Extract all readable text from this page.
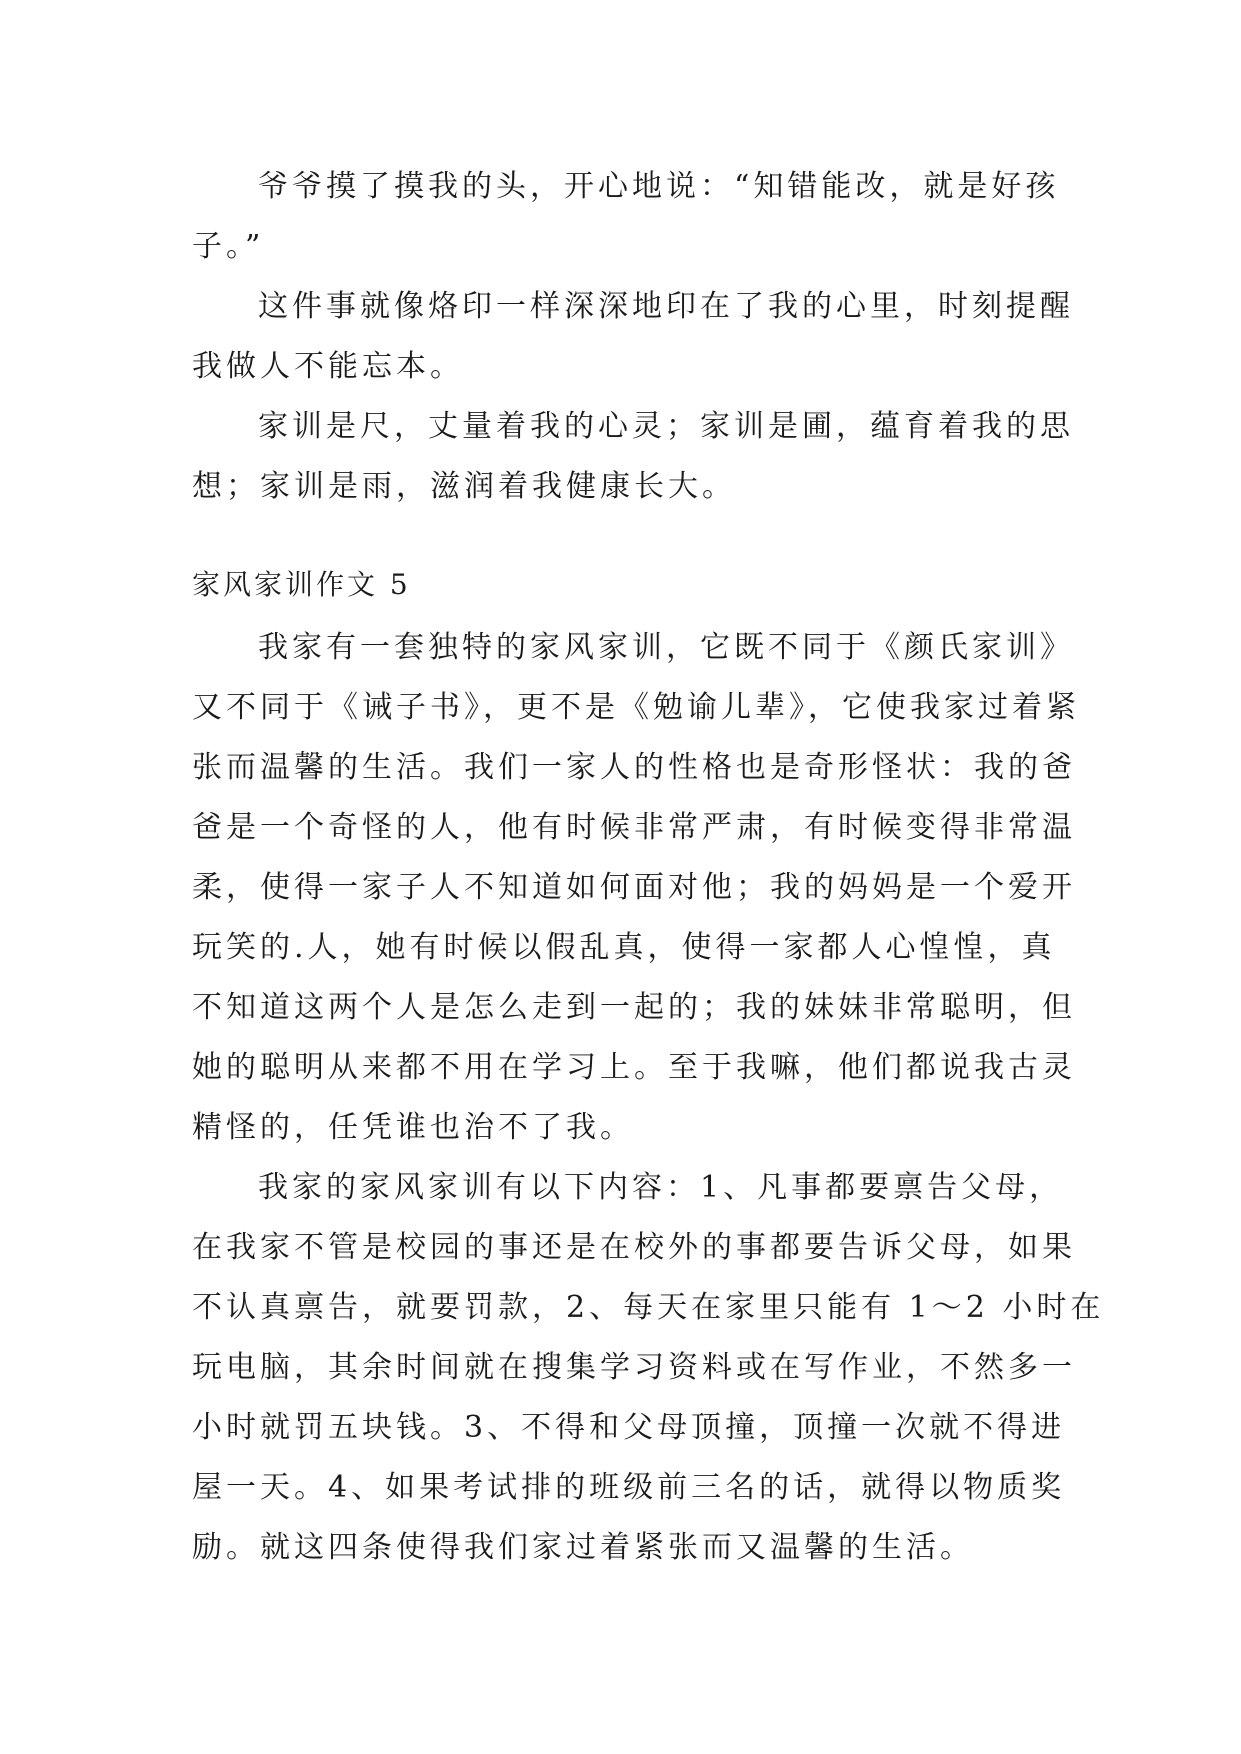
爷爷摸了摸我的头，开心地说：“知错能改，就是好孩
子。”
这件事就像烙印一样深深地印在了我的心里，时刻提醒
我做人不能忘本。
家训是尺，丈量着我的心灵；家训是圃，蕴育着我的思
想；家训是雨，滋润着我健康长大。
家风家训作文 5
我家有一套独特的家风家训，它既不同于《颜氏家训》
又不同于《诫子书》，更不是《勉谕儿辈》，它使我家过着紧
张而温馨的生活。我们一家人的性格也是奇形怪状：我的爸
爸是一个奇怪的人，他有时候非常严肃，有时候变得非常温
柔，使得一家子人不知道如何面对他；我的妈妈是一个爱开
玩笑的.人，她有时候以假乱真，使得一家都人心惶惶，真
不知道这两个人是怎么走到一起的；我的妹妹非常聪明，但
她的聪明从来都不用在学习上。至于我嘛，他们都说我古灵
精怪的，任凭谁也治不了我。
我家的家风家训有以下内容：1、凡事都要禀告父母，
在我家不管是校园的事还是在校外的事都要告诉父母，如果
不认真禀告，就要罚款，2、每天在家里只能有 1～2 小时在
玩电脑，其余时间就在搜集学习资料或在写作业，不然多一
小时就罚五块钱。3、不得和父母顶撞，顶撞一次就不得进
屋一天。4、如果考试排的班级前三名的话，就得以物质奖
励。就这四条使得我们家过着紧张而又温馨的生活。
